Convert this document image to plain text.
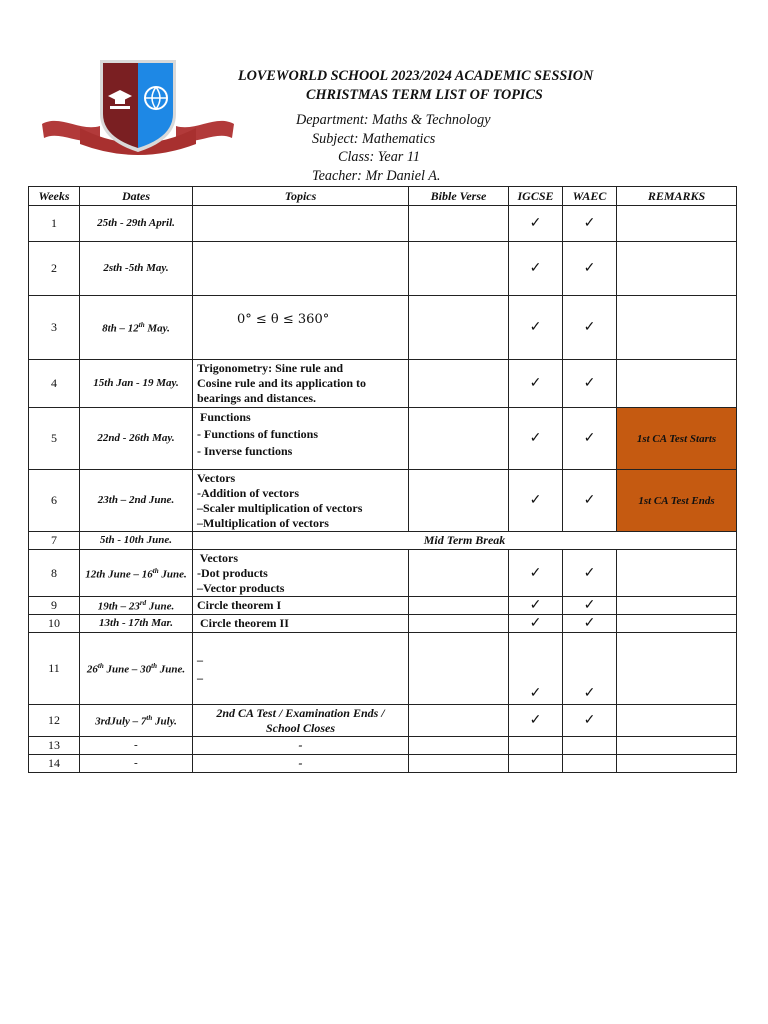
LOVEWORLD SCHOOL 2023/2024 ACADEMIC SESSION
CHRISTMAS TERM LIST OF TOPICS
Department: Maths & Technology
Subject: Mathematics
Class: Year 11
Teacher: Mr Daniel A.
Weeks	Dates	Topics	Bible Verse	IGCSE	WAEC	REMARKS
1	25th - 29th April.			✓	✓	
2	2sth -5th May.			✓	✓	
3	8th – 12th May.	0° ≤ θ ≤ 360°		✓	✓	
4	15th Jan - 19 May.	Trigonometry: Sine rule and
Cosine rule and its application to
bearings and distances.		✓	✓	
5	22nd - 26th May.	Functions
- Functions of functions
- Inverse functions		✓	✓	1st CA Test Starts
6	23th – 2nd June.	Vectors
-Addition of vectors
–Scaler multiplication of vectors
–Multiplication of vectors		✓	✓	1st CA Test Ends
7	5th - 10th June.	Mid Term Break				
8	12th June – 16th June.	Vectors
-Dot products
–Vector products		✓	✓	
9	19th – 23rd June.	Circle theorem I		✓	✓	
10	13th - 17th Mar.	Circle theorem II		✓	✓	
11	26th June – 30th June.	–
–		✓	✓	
12	3rdJuly – 7th July.	2nd CA Test / Examination Ends /
School Closes		✓	✓	
13	-	-				
14	-	-				
